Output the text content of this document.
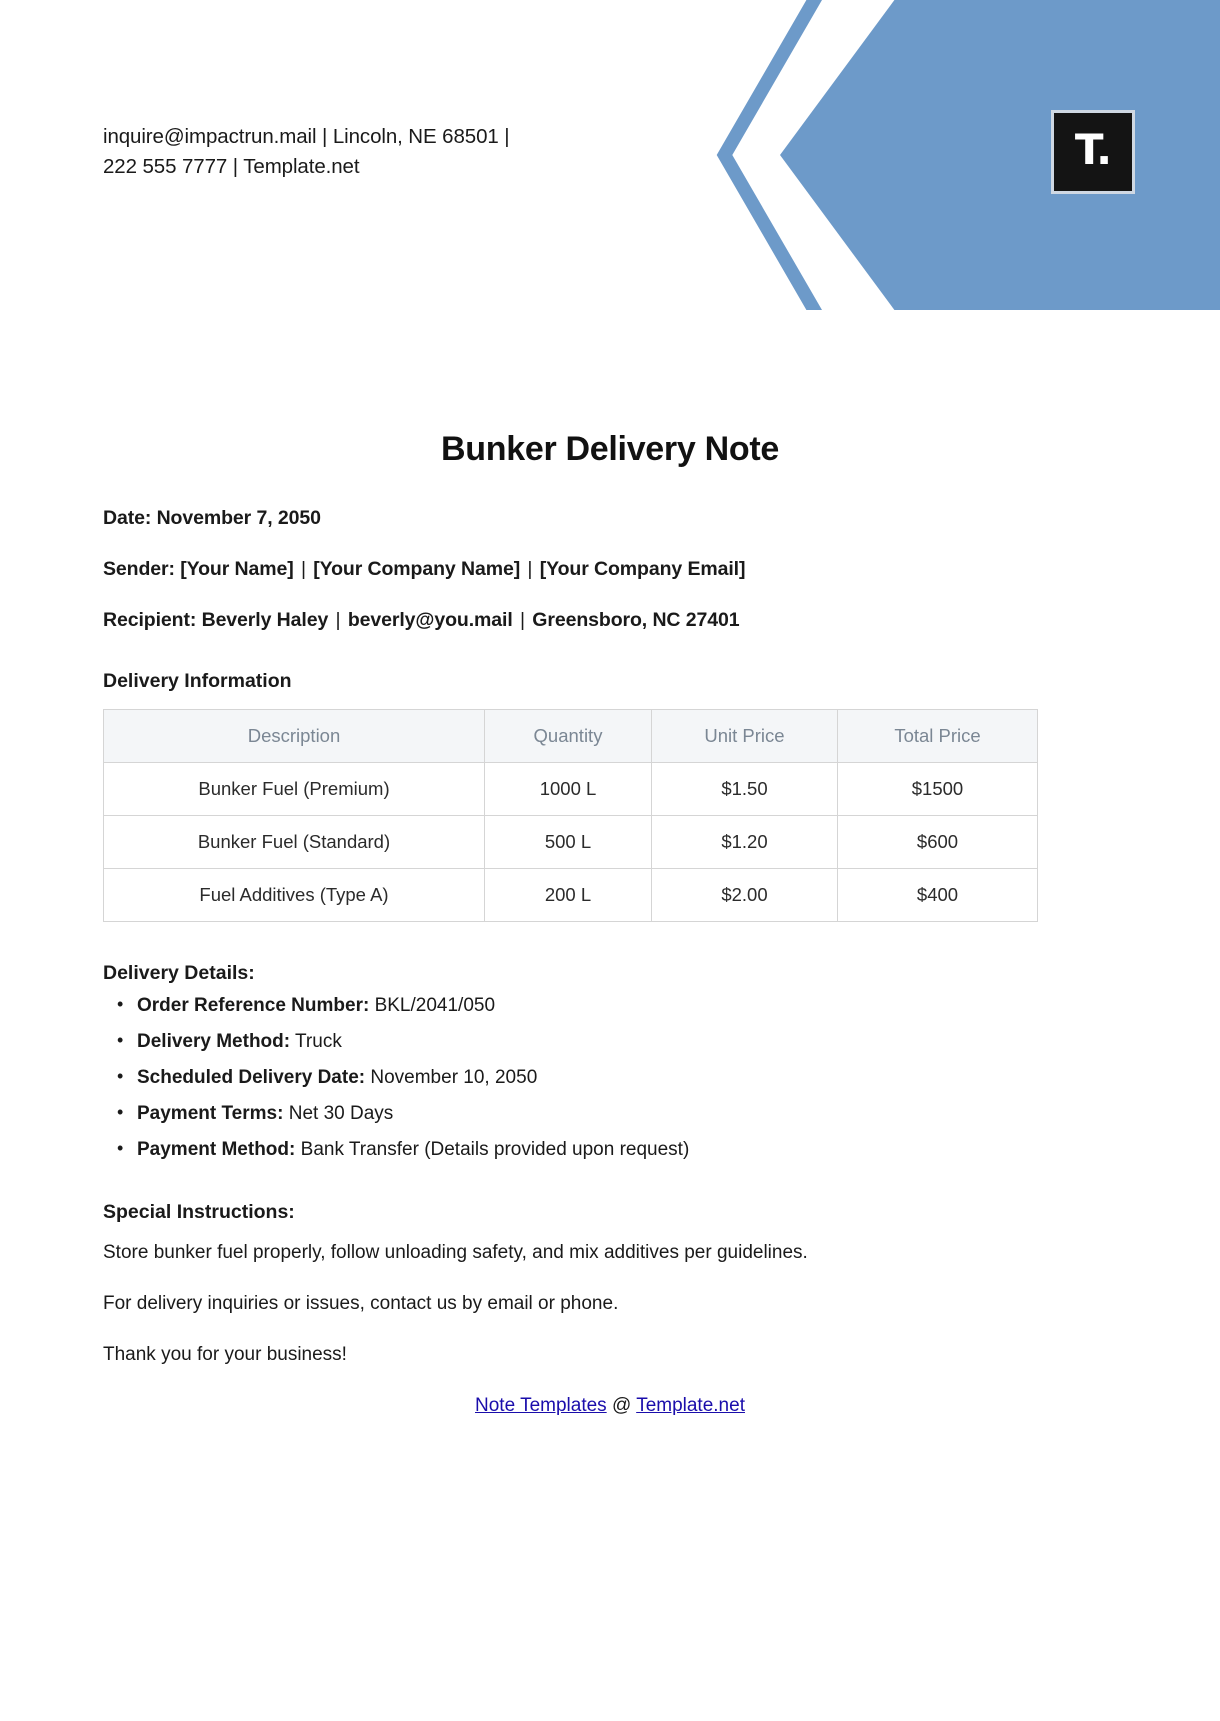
inquire@impactrun.mail | Lincoln, NE 68501 |
222 555 7777 | Template.net	T.
Bunker Delivery Note

Date: November 7, 2050

Sender: [Your Name] | [Your Company Name] | [Your Company Email]

Recipient: Beverly Haley | beverly@you.mail | Greensboro, NC 27401

Delivery Information
Description	Quantity	Unit Price	Total Price
Bunker Fuel (Premium)	1000 L	$1.50	$1500
Bunker Fuel (Standard)	500 L	$1.20	$600
Fuel Additives (Type A)	200 L	$2.00	$400
Delivery Details:
• Order Reference Number: BKL/2041/050
• Delivery Method: Truck
• Scheduled Delivery Date: November 10, 2050
• Payment Terms: Net 30 Days
• Payment Method: Bank Transfer (Details provided upon request)
Special Instructions:

Store bunker fuel properly, follow unloading safety, and mix additives per guidelines.

For delivery inquiries or issues, contact us by email or phone.

Thank you for your business!

Note Templates @ Template.net
